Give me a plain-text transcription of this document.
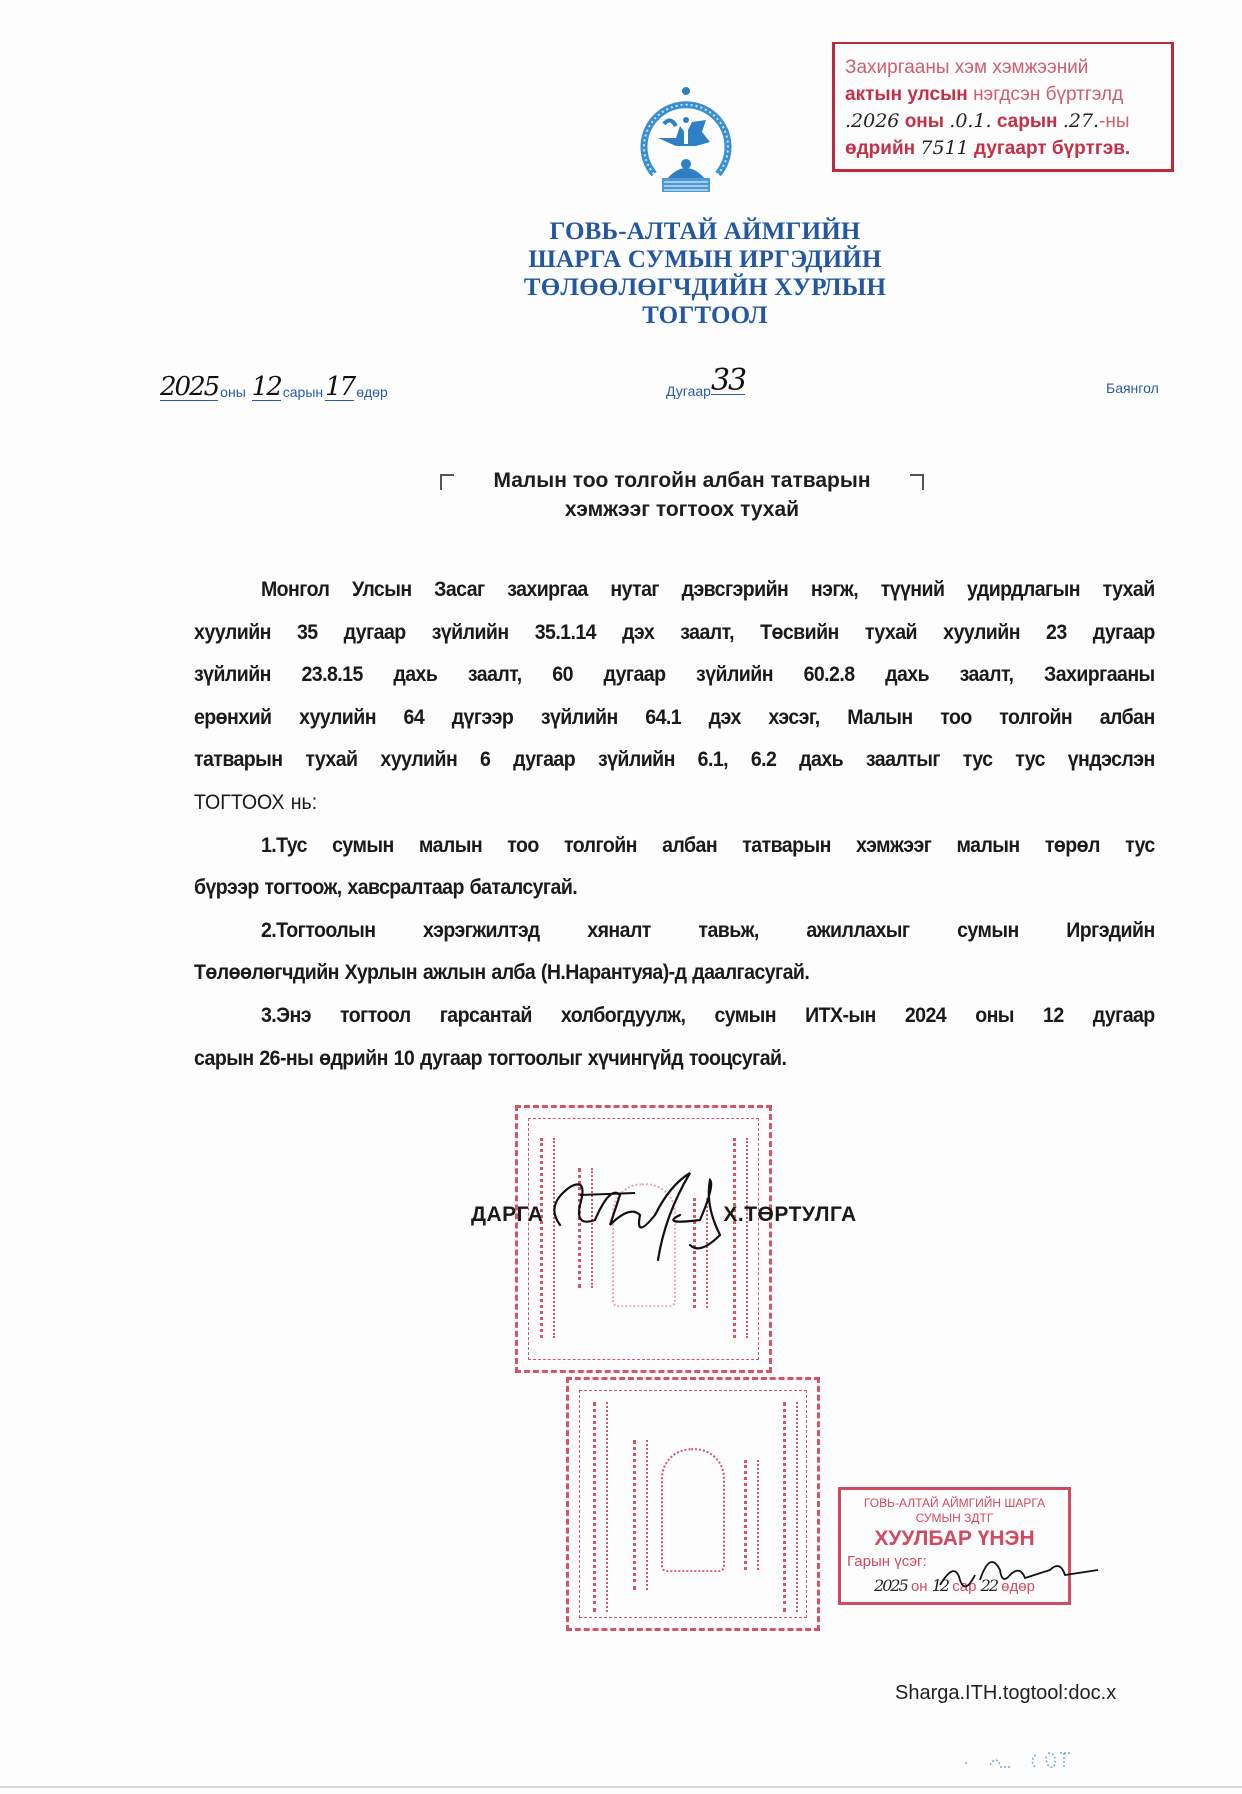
Захиргааны хэм хэмжээний
актын улсын нэгдсэн бүртгэлд
.2026 оны .0.1. сарын .27.-ны
өдрийн 7511 дугаарт бүртгэв.
ГОВЬ-АЛТАЙ АЙМГИЙН
ШАРГА СУМЫН ИРГЭДИЙН
ТӨЛӨӨЛӨГЧДИЙН ХУРЛЫН
ТОГТООЛ
2025 оны 12 сарын17 өдөр	Дугаар33	Баянгол
Малын тоо толгойн албан татварын
хэмжээг тогтоох тухай
Монгол Улсын Засаг захиргаа нутаг дэвсгэрийн нэгж, түүний удирдлагын тухай
хуулийн 35 дугаар зүйлийн 35.1.14 дэх заалт, Төсвийн тухай хуулийн 23 дугаар
зүйлийн 23.8.15 дахь заалт, 60 дугаар зүйлийн 60.2.8 дахь заалт, Захиргааны
ерөнхий хуулийн 64 дүгээр зүйлийн 64.1 дэх хэсэг, Малын тоо толгойн албан
татварын тухай хуулийн 6 дугаар зүйлийн 6.1, 6.2 дахь заалтыг тус тус үндэслэн
ТОГТООХ нь:
1.Тус сумын малын тоо толгойн албан татварын хэмжээг малын төрөл тус
бүрээр тогтоож, хавсралтаар баталсугай.
2.Тогтоолын хэрэгжилтэд хяналт тавьж, ажиллахыг сумын Иргэдийн
Төлөөлөгчдийн Хурлын ажлын алба (Н.Нарантуяа)-д даалгасугай.
3.Энэ тогтоол гарсантай холбогдуулж, сумын ИТХ-ын 2024 оны 12 дугаар
сарын 26-ны өдрийн 10 дугаар тогтоолыг хүчингүйд тооцсугай.
ДАРГА	Х.ТӨРТУЛГА
ГОВЬ-АЛТАЙ АЙМГИЙН ШАРГА
СУМЫН ЗДТГ
ХУУЛБАР ҮНЭН
Гарын үсэг:
2025 он 12 сар 22 өдөр
Sharga.ITH.togtool:doc.x
